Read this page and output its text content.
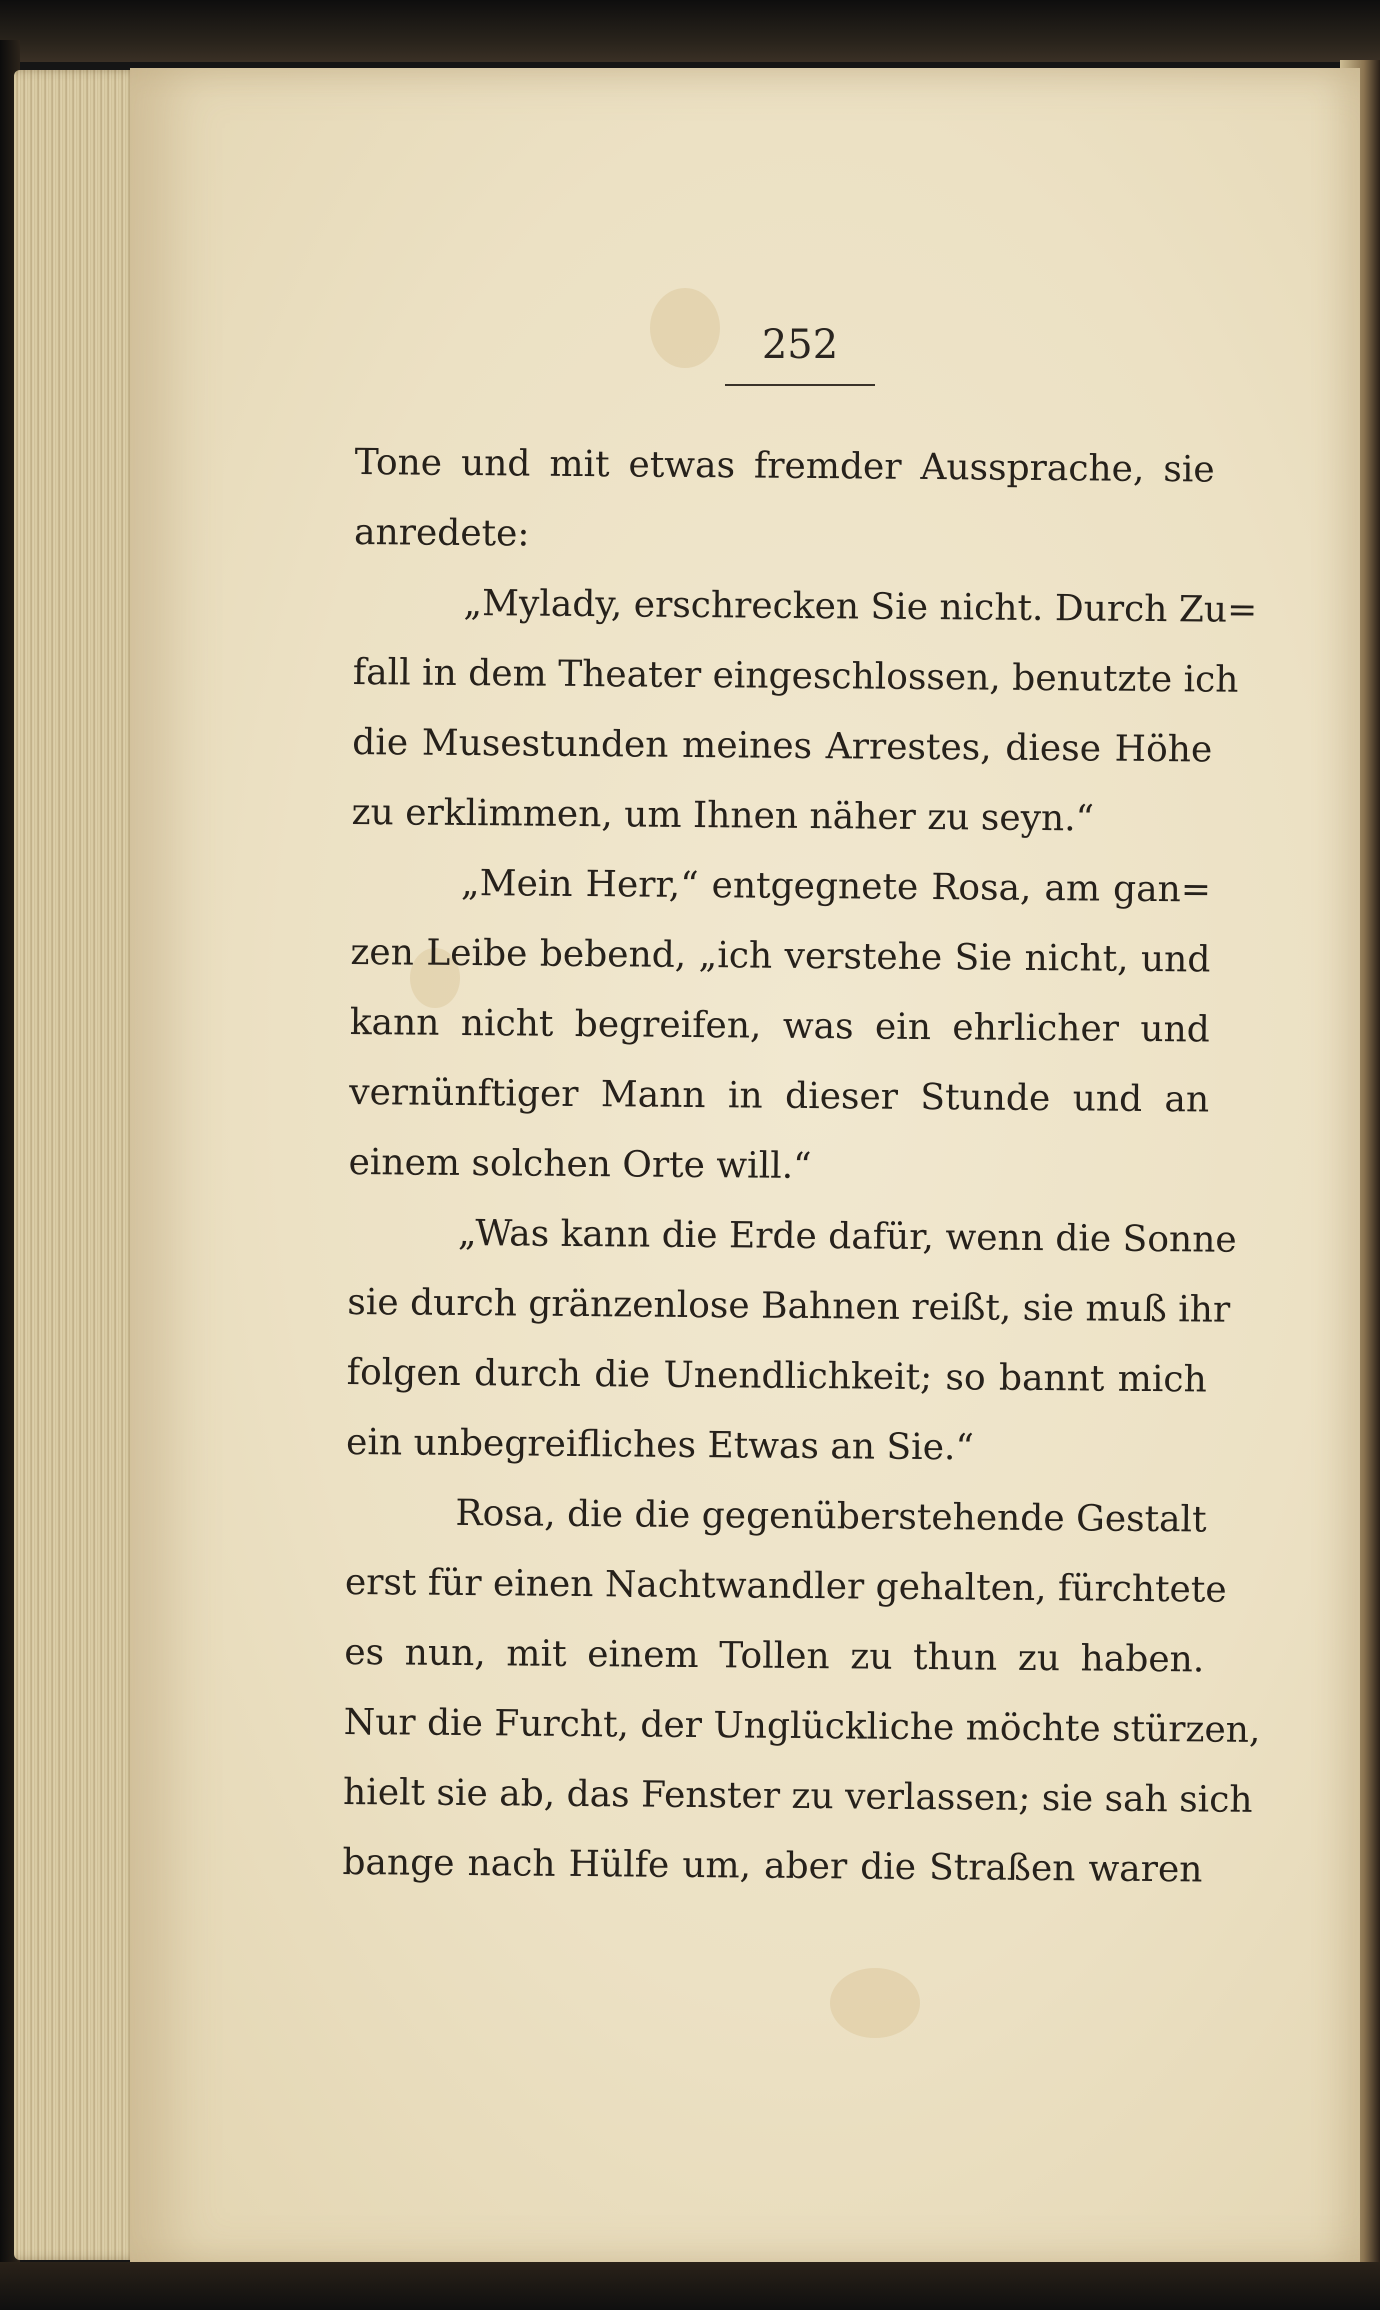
252
Tone und mit etwas fremder Aussprache, sie
anredete:
„Mylady, erschrecken Sie nicht. Durch Zu=
fall in dem Theater eingeschlossen, benutzte ich
die Musestunden meines Arrestes, diese Höhe
zu erklimmen, um Ihnen näher zu seyn.“
„Mein Herr,“ entgegnete Rosa, am gan=
zen Leibe bebend, „ich verstehe Sie nicht, und
kann nicht begreifen, was ein ehrlicher und
vernünftiger Mann in dieser Stunde und an
einem solchen Orte will.“
„Was kann die Erde dafür, wenn die Sonne
sie durch gränzenlose Bahnen reißt, sie muß ihr
folgen durch die Unendlichkeit; so bannt mich
ein unbegreifliches Etwas an Sie.“
Rosa, die die gegenüberstehende Gestalt
erst für einen Nachtwandler gehalten, fürchtete
es nun, mit einem Tollen zu thun zu haben.
Nur die Furcht, der Unglückliche möchte stürzen,
hielt sie ab, das Fenster zu verlassen; sie sah sich
bange nach Hülfe um, aber die Straßen waren
